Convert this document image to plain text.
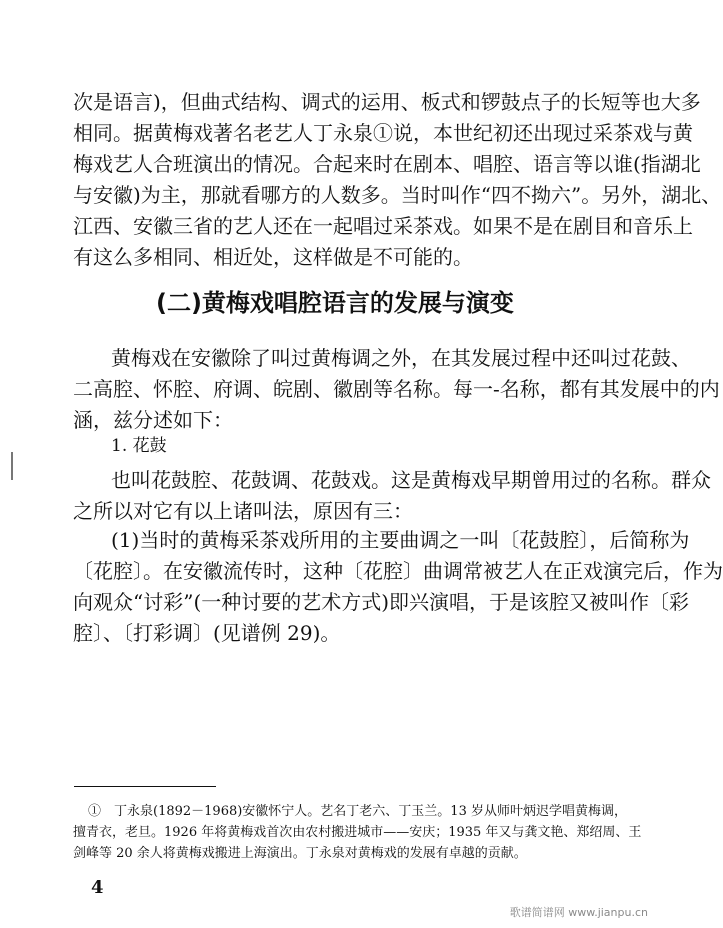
次是语言)，但曲式结构、调式的运用、板式和锣鼓点子的长短等也大多
相同。据黄梅戏著名老艺人丁永泉①说，本世纪初还出现过采茶戏与黄
梅戏艺人合班演出的情况。合起来时在剧本、唱腔、语言等以谁(指湖北
与安徽)为主，那就看哪方的人数多。当时叫作“四不拗六”。另外，湖北、
江西、安徽三省的艺人还在一起唱过采茶戏。如果不是在剧目和音乐上
有这么多相同、相近处，这样做是不可能的。
(二)黄梅戏唱腔语言的发展与演变
黄梅戏在安徽除了叫过黄梅调之外，在其发展过程中还叫过花鼓、
二高腔、怀腔、府调、皖剧、徽剧等名称。每一-名称，都有其发展中的内
涵，兹分述如下：
1. 花鼓
也叫花鼓腔、花鼓调、花鼓戏。这是黄梅戏早期曾用过的名称。群众
之所以对它有以上诸叫法，原因有三：
(1)当时的黄梅采茶戏所用的主要曲调之一叫〔花鼓腔〕，后简称为
〔花腔〕。在安徽流传时，这种〔花腔〕曲调常被艺人在正戏演完后，作为
向观众“讨彩”(一种讨要的艺术方式)即兴演唱，于是该腔又被叫作〔彩
腔〕、〔打彩调〕(见谱例 29)。
①　丁永泉(1892－1968)安徽怀宁人。艺名丁老六、丁玉兰。13 岁从师叶炳迟学唱黄梅调，
擅青衣，老旦。1926 年将黄梅戏首次由农村搬进城市——安庆；1935 年又与龚文艳、郑绍周、王
剑峰等 20 余人将黄梅戏搬进上海演出。丁永泉对黄梅戏的发展有卓越的贡献。
4
歌谱简谱网 www.jianpu.cn
